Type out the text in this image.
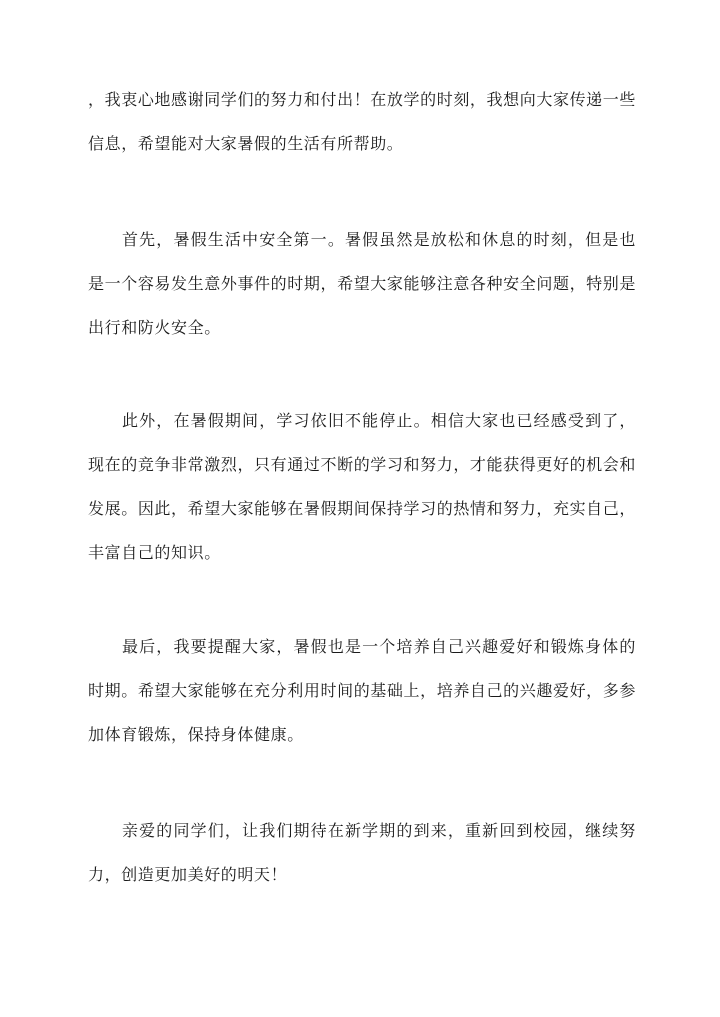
，我衷心地感谢同学们的努力和付出！在放学的时刻，我想向大家传递一些信息，希望能对大家暑假的生活有所帮助。

首先，暑假生活中安全第一。暑假虽然是放松和休息的时刻，但是也是一个容易发生意外事件的时期，希望大家能够注意各种安全问题，特别是出行和防火安全。

此外，在暑假期间，学习依旧不能停止。相信大家也已经感受到了，现在的竞争非常激烈，只有通过不断的学习和努力，才能获得更好的机会和发展。因此，希望大家能够在暑假期间保持学习的热情和努力，充实自己，丰富自己的知识。

最后，我要提醒大家，暑假也是一个培养自己兴趣爱好和锻炼身体的时期。希望大家能够在充分利用时间的基础上，培养自己的兴趣爱好，多参加体育锻炼，保持身体健康。

亲爱的同学们，让我们期待在新学期的到来，重新回到校园，继续努力，创造更加美好的明天！
